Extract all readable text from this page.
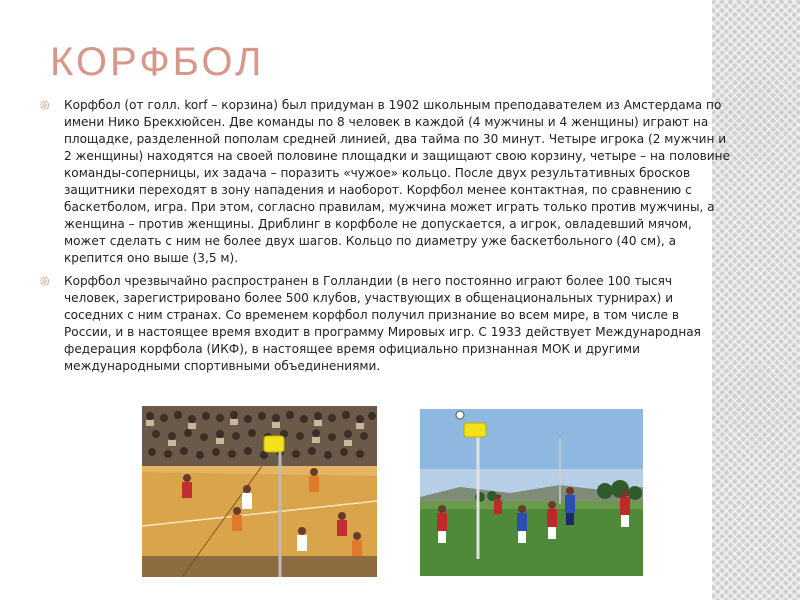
КОРФБОЛ
◎	Корфбол (от голл. korf – корзина) был придуман в 1902 школьным преподавателем из Амстердама по имени Нико Брекхюйсен. Две команды по 8 человек в каждой (4 мужчины и 4 женщины) играют на площадке, разделенной пополам средней линией, два тайма по 30 минут. Четыре игрока (2 мужчин и 2 женщины) находятся на своей половине площадки и защищают свою корзину, четыре – на половине команды-соперницы, их задача – поразить «чужое» кольцо. После двух результативных бросков защитники переходят в зону нападения и наоборот. Корфбол менее контактная, по сравнению с баскетболом, игра. При этом, согласно правилам, мужчина может играть только против мужчины, а женщина – против женщины. Дриблинг в корфболе не допускается, а игрок, овладевший мячом, может сделать с ним не более двух шагов. Кольцо по диаметру уже баскетбольного (40 см), а крепится оно выше (3,5 м).
◎	Корфбол чрезвычайно распространен в Голландии (в него постоянно играют более 100 тысяч человек, зарегистрировано более 500 клубов, участвующих в общенациональных турнирах) и соседних с ним странах. Со временем корфбол получил признание во всем мире, в том числе в России, и в настоящее время входит в программу Мировых игр. С 1933 действует Международная федерация корфбола (ИКФ), в настоящее время официально признанная МОК и другими международными спортивными объединениями.
